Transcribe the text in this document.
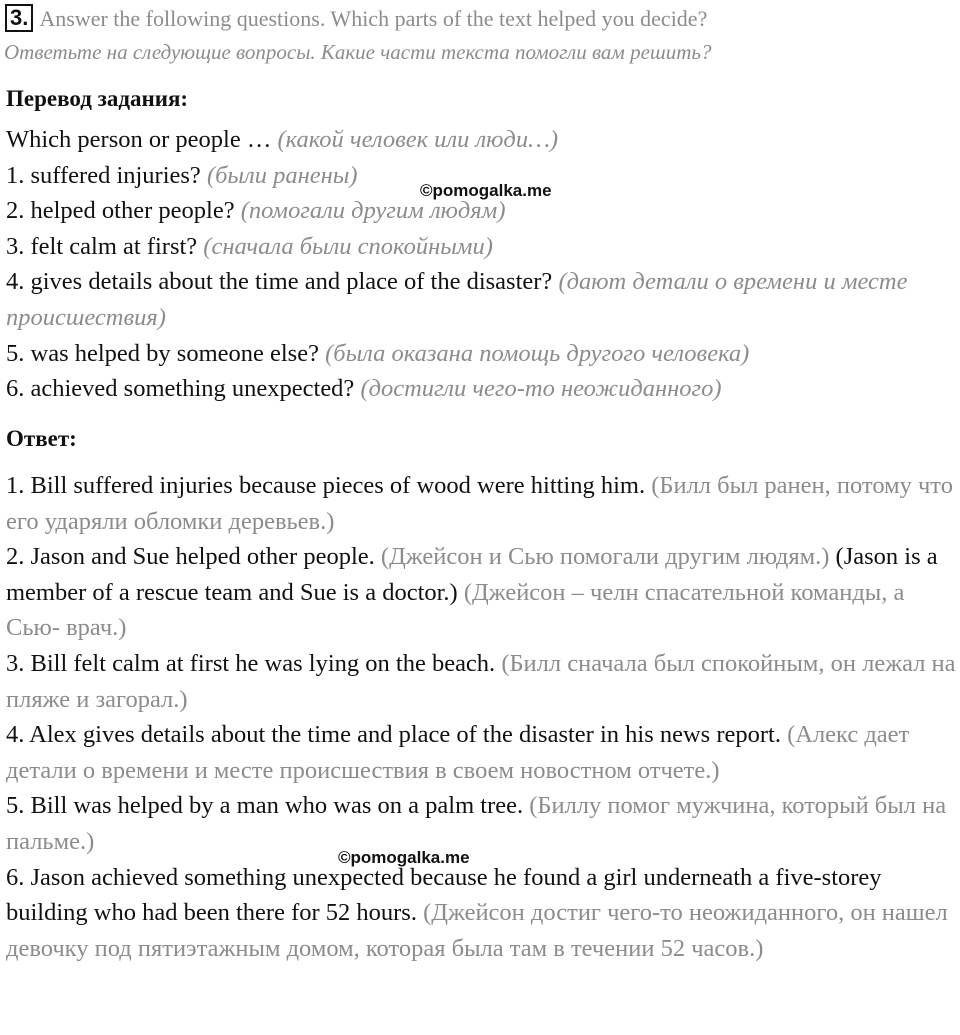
3. Answer the following questions. Which parts of the text helped you decide?
Ответьте на следующие вопросы. Какие части текста помогли вам решить?
Перевод задания:

Which person or people … (какой человек или люди…)

1. suffered injuries? (были ранены)

2. helped other people? (помогали другим людям)

3. felt calm at first? (сначала были спокойными)

4. gives details about the time and place of the disaster? (дают детали о времени и месте происшествия)

5. was helped by someone else? (была оказана помощь другого человека)

6. achieved something unexpected? (достигли чего-то неожиданного)

Ответ:

1. Bill suffered injuries because pieces of wood were hitting him. (Билл был ранен, потому что его ударяли обломки деревьев.)

2. Jason and Sue helped other people. (Джейсон и Сью помогали другим людям.) (Jason is a member of a rescue team and Sue is a doctor.) (Джейсон – челн спасательной команды, а Сью- врач.)

3. Bill felt calm at first he was lying on the beach. (Билл сначала был спокойным, он лежал на пляже и загорал.)

4. Alex gives details about the time and place of the disaster in his news report. (Алекс дает детали о времени и месте происшествия в своем новостном отчете.)

5. Bill was helped by a man who was on a palm tree. (Биллу помог мужчина, который был на пальме.)

6. Jason achieved something unexpected because he found a girl underneath a five-storey building who had been there for 52 hours. (Джейсон достиг чего-то неожиданного, он нашел девочку под пятиэтажным домом, которая была там в течении 52 часов.)

©pomogalka.me
©pomogalka.me
